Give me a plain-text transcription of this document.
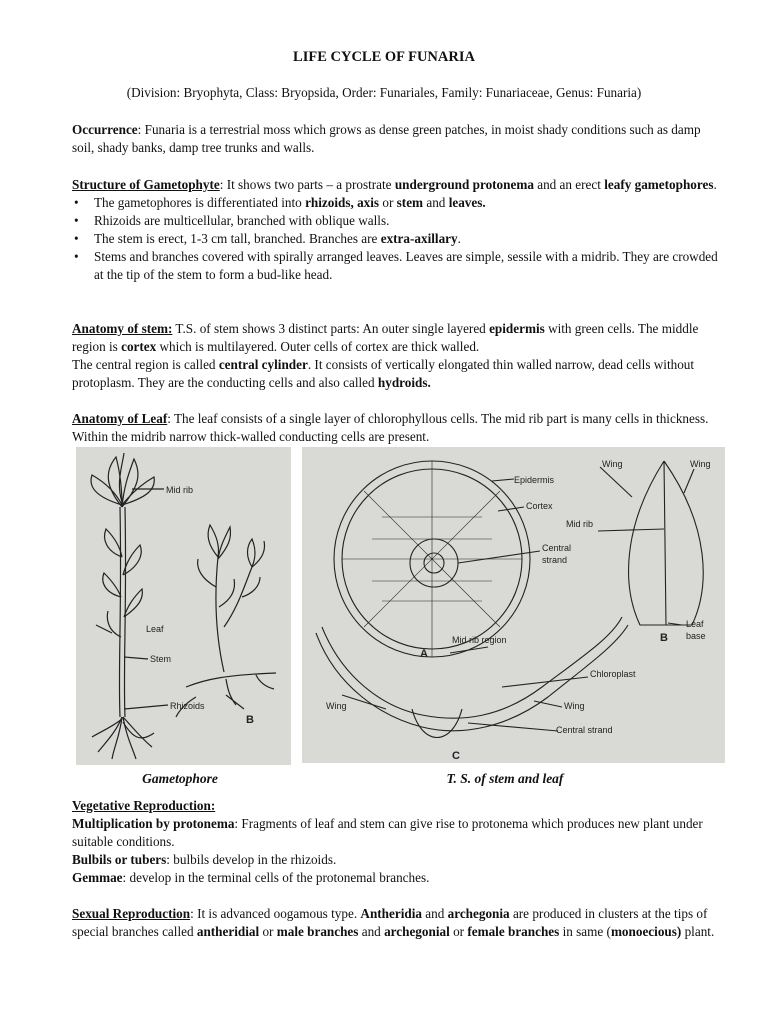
LIFE CYCLE OF FUNARIA
(Division: Bryophyta, Class: Bryopsida, Order: Funariales, Family: Funariaceae, Genus: Funaria)
Occurrence: Funaria is a terrestrial moss which grows as dense green patches, in moist shady conditions such as damp soil, shady banks, damp tree trunks and walls.
Structure of Gametophyte: It shows two parts – a prostrate underground protonema and an erect leafy gametophores.
• The gametophores is differentiated into rhizoids, axis or stem and leaves.
• Rhizoids are multicellular, branched with oblique walls.
• The stem is erect, 1-3 cm tall, branched. Branches are extra-axillary.
• Stems and branches covered with spirally arranged leaves. Leaves are simple, sessile with a midrib. They are crowded at the tip of the stem to form a bud-like head.
Anatomy of stem: T.S. of stem shows 3 distinct parts: An outer single layered epidermis with green cells. The middle region is cortex which is multilayered. Outer cells of cortex are thick walled.
The central region is called central cylinder. It consists of vertically elongated thin walled narrow, dead cells without protoplasm. They are the conducting cells and also called hydroids.
Anatomy of Leaf: The leaf consists of a single layer of chlorophyllous cells. The mid rib part is many cells in thickness. Within the midrib narrow thick-walled conducting cells are present.
Mid rib
Leaf
Stem
Rhizoids
B
Epidermis
Cortex
Central
strand
A
Mid rib region
Chloroplast
Wing
Central strand
Wing
C
Wing	Wing
Mid rib
Leaf
base
B
Gametophore	T. S. of stem and leaf
Vegetative Reproduction:
Multiplication by protonema: Fragments of leaf and stem can give rise to protonema which produces new plant under suitable conditions.
Bulbils or tubers: bulbils develop in the rhizoids.
Gemmae: develop in the terminal cells of the protonemal branches.
Sexual Reproduction: It is advanced oogamous type. Antheridia and archegonia are produced in clusters at the tips of special branches called antheridial or male branches and archegonial or female branches in same (monoecious) plant.
